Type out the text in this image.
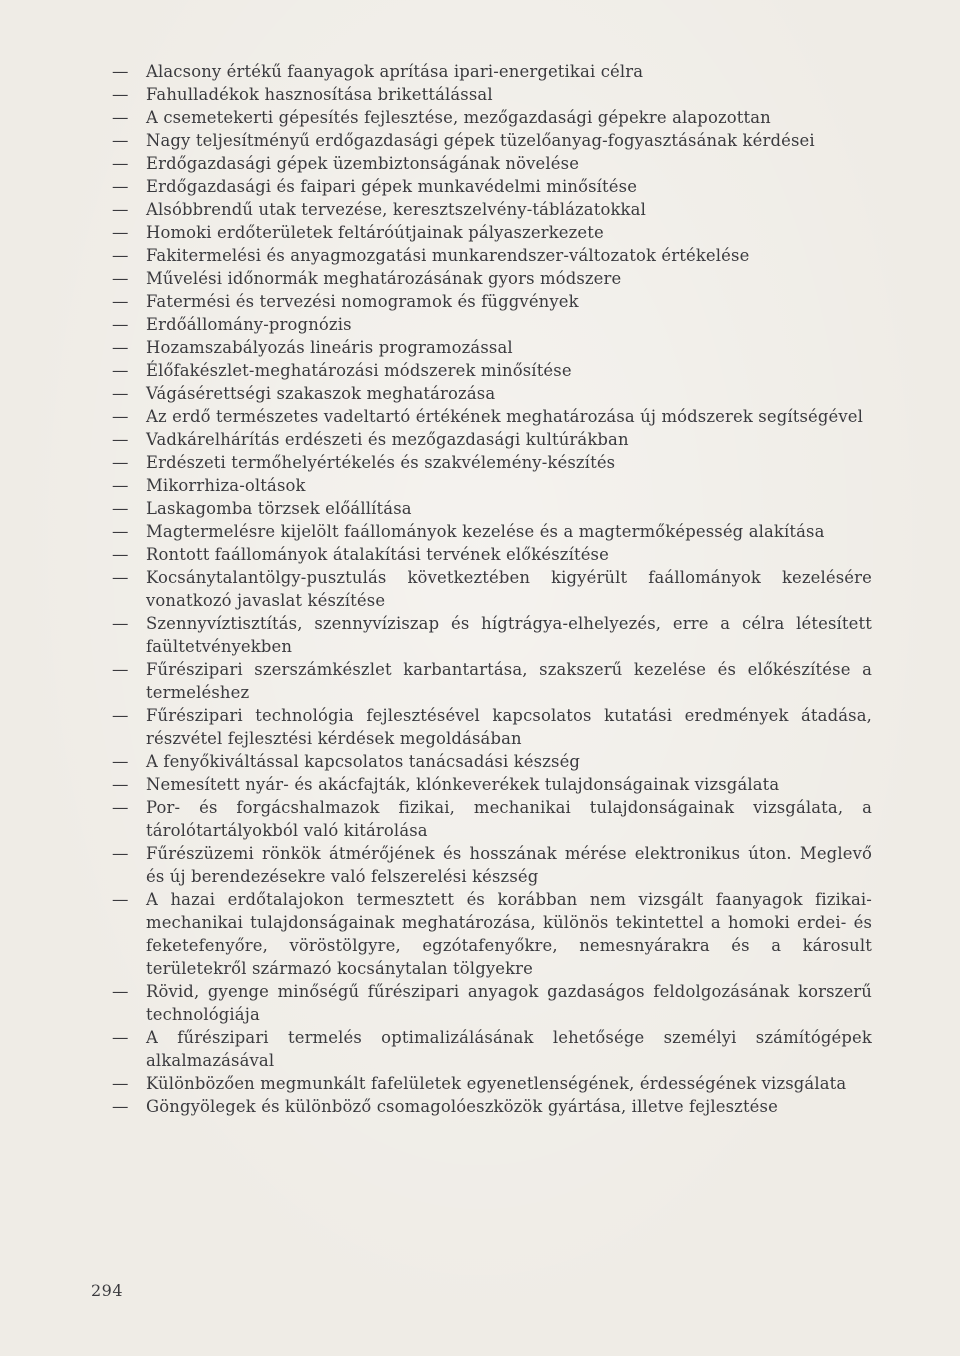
—	Alacsony értékű faanyagok aprítása ipari-energetikai célra
—	Fahulladékok hasznosítása brikettálással
—	A csemetekerti gépesítés fejlesztése, mezőgazdasági gépekre alapozottan
—	Nagy teljesítményű erdőgazdasági gépek tüzelőanyag-fogyasztásának kérdései
—	Erdőgazdasági gépek üzembiztonságának növelése
—	Erdőgazdasági és faipari gépek munkavédelmi minősítése
—	Alsóbbrendű utak tervezése, keresztszelvény-táblázatokkal
—	Homoki erdőterületek feltáróútjainak pályaszerkezete
—	Fakitermelési és anyagmozgatási munkarendszer-változatok értékelése
—	Művelési időnormák meghatározásának gyors módszere
—	Fatermési és tervezési nomogramok és függvények
—	Erdőállomány-prognózis
—	Hozamszabályozás lineáris programozással
—	Élőfakészlet-meghatározási módszerek minősítése
—	Vágásérettségi szakaszok meghatározása
—	Az erdő természetes vadeltartó értékének meghatározása új módszerek segítségével
—	Vadkárelhárítás erdészeti és mezőgazdasági kultúrákban
—	Erdészeti termőhelyértékelés és szakvélemény-készítés
—	Mikorrhiza-oltások
—	Laskagomba törzsek előállítása
—	Magtermelésre kijelölt faállományok kezelése és a magtermőképesség alakítása
—	Rontott faállományok átalakítási tervének előkészítése
—	Kocsánytalantölgy-pusztulás következtében kigyérült faállományok kezelésére vonatkozó javaslat készítése
—	Szennyvíztisztítás, szennyvíziszap és hígtrágya-elhelyezés, erre a célra létesített faültetvényekben
—	Fűrészipari szerszámkészlet karbantartása, szakszerű kezelése és előkészítése a termeléshez
—	Fűrészipari technológia fejlesztésével kapcsolatos kutatási eredmények átadása, részvétel fejlesztési kérdések megoldásában
—	A fenyőkiváltással kapcsolatos tanácsadási készség
—	Nemesített nyár- és akácfajták, klónkeverékek tulajdonságainak vizsgálata
—	Por- és forgácshalmazok fizikai, mechanikai tulajdonságainak vizsgálata, a tárolótartályokból való kitárolása
—	Fűrészüzemi rönkök átmérőjének és hosszának mérése elektronikus úton. Meglevő és új berendezésekre való felszerelési készség
—	A hazai erdőtalajokon termesztett és korábban nem vizsgált faanyagok fizikai-mechanikai tulajdonságainak meghatározása, különös tekintettel a homoki erdei- és feketefenyőre, vöröstölgyre, egzótafenyőkre, nemesnyárakra és a károsult területekről származó kocsánytalan tölgyekre
—	Rövid, gyenge minőségű fűrészipari anyagok gazdaságos feldolgozásának korszerű technológiája
—	A fűrészipari termelés optimalizálásának lehetősége személyi számítógépek alkalmazásával
—	Különbözően megmunkált fafelületek egyenetlenségének, érdességének vizsgálata
—	Göngyölegek és különböző csomagolóeszközök gyártása, illetve fejlesztése
294
